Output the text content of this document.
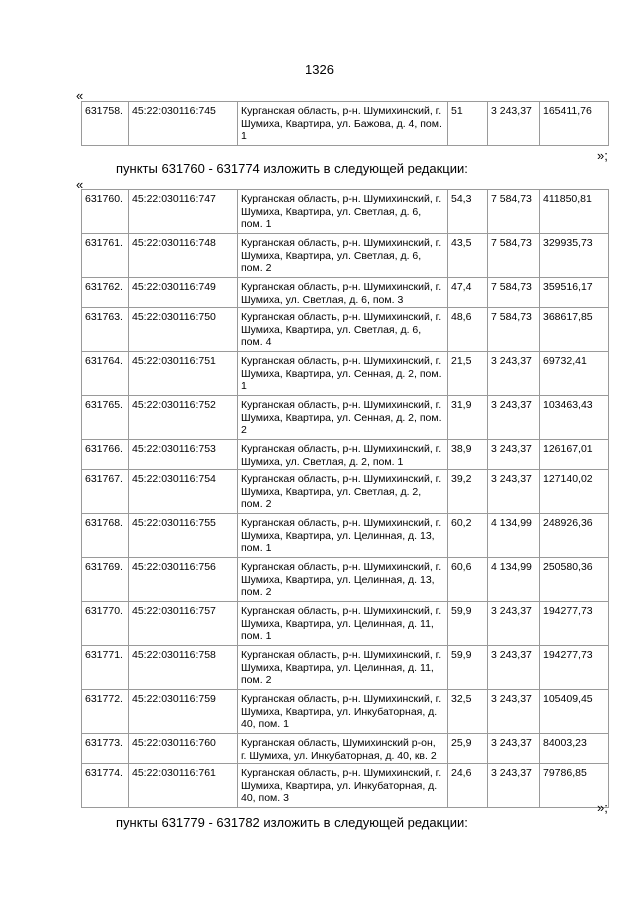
1326
«
631758.	45:22:030116:745	Курганская область, р-н. Шумихинский, г. Шумиха, Квартира, ул. Бажова, д. 4, пом. 1	51	3 243,37	165411,76
»;
пункты 631760 - 631774 изложить в следующей редакции:
«
631760.	45:22:030116:747	Курганская область, р-н. Шумихинский, г. Шумиха, Квартира, ул. Светлая, д. 6, пом. 1	54,3	7 584,73	411850,81
631761.	45:22:030116:748	Курганская область, р-н. Шумихинский, г. Шумиха, Квартира, ул. Светлая, д. 6, пом. 2	43,5	7 584,73	329935,73
631762.	45:22:030116:749	Курганская область, р-н. Шумихинский, г. Шумиха, ул. Светлая, д. 6, пом. 3	47,4	7 584,73	359516,17
631763.	45:22:030116:750	Курганская область, р-н. Шумихинский, г. Шумиха, Квартира, ул. Светлая, д. 6, пом. 4	48,6	7 584,73	368617,85
631764.	45:22:030116:751	Курганская область, р-н. Шумихинский, г. Шумиха, Квартира, ул. Сенная, д. 2, пом. 1	21,5	3 243,37	69732,41
631765.	45:22:030116:752	Курганская область, р-н. Шумихинский, г. Шумиха, Квартира, ул. Сенная, д. 2, пом. 2	31,9	3 243,37	103463,43
631766.	45:22:030116:753	Курганская область, р-н. Шумихинский, г. Шумиха, ул. Светлая, д. 2, пом. 1	38,9	3 243,37	126167,01
631767.	45:22:030116:754	Курганская область, р-н. Шумихинский, г. Шумиха, Квартира, ул. Светлая, д. 2, пом. 2	39,2	3 243,37	127140,02
631768.	45:22:030116:755	Курганская область, р-н. Шумихинский, г. Шумиха, Квартира, ул. Целинная, д. 13, пом. 1	60,2	4 134,99	248926,36
631769.	45:22:030116:756	Курганская область, р-н. Шумихинский, г. Шумиха, Квартира, ул. Целинная, д. 13, пом. 2	60,6	4 134,99	250580,36
631770.	45:22:030116:757	Курганская область, р-н. Шумихинский, г. Шумиха, Квартира, ул. Целинная, д. 11, пом. 1	59,9	3 243,37	194277,73
631771.	45:22:030116:758	Курганская область, р-н. Шумихинский, г. Шумиха, Квартира, ул. Целинная, д. 11, пом. 2	59,9	3 243,37	194277,73
631772.	45:22:030116:759	Курганская область, р-н. Шумихинский, г. Шумиха, Квартира, ул. Инкубаторная, д. 40, пом. 1	32,5	3 243,37	105409,45
631773.	45:22:030116:760	Курганская область, Шумихинский р-он, г. Шумиха, ул. Инкубаторная, д. 40, кв. 2	25,9	3 243,37	84003,23
631774.	45:22:030116:761	Курганская область, р-н. Шумихинский, г. Шумиха, Квартира, ул. Инкубаторная, д. 40, пом. 3	24,6	3 243,37	79786,85
»;
пункты 631779 - 631782 изложить в следующей редакции:
